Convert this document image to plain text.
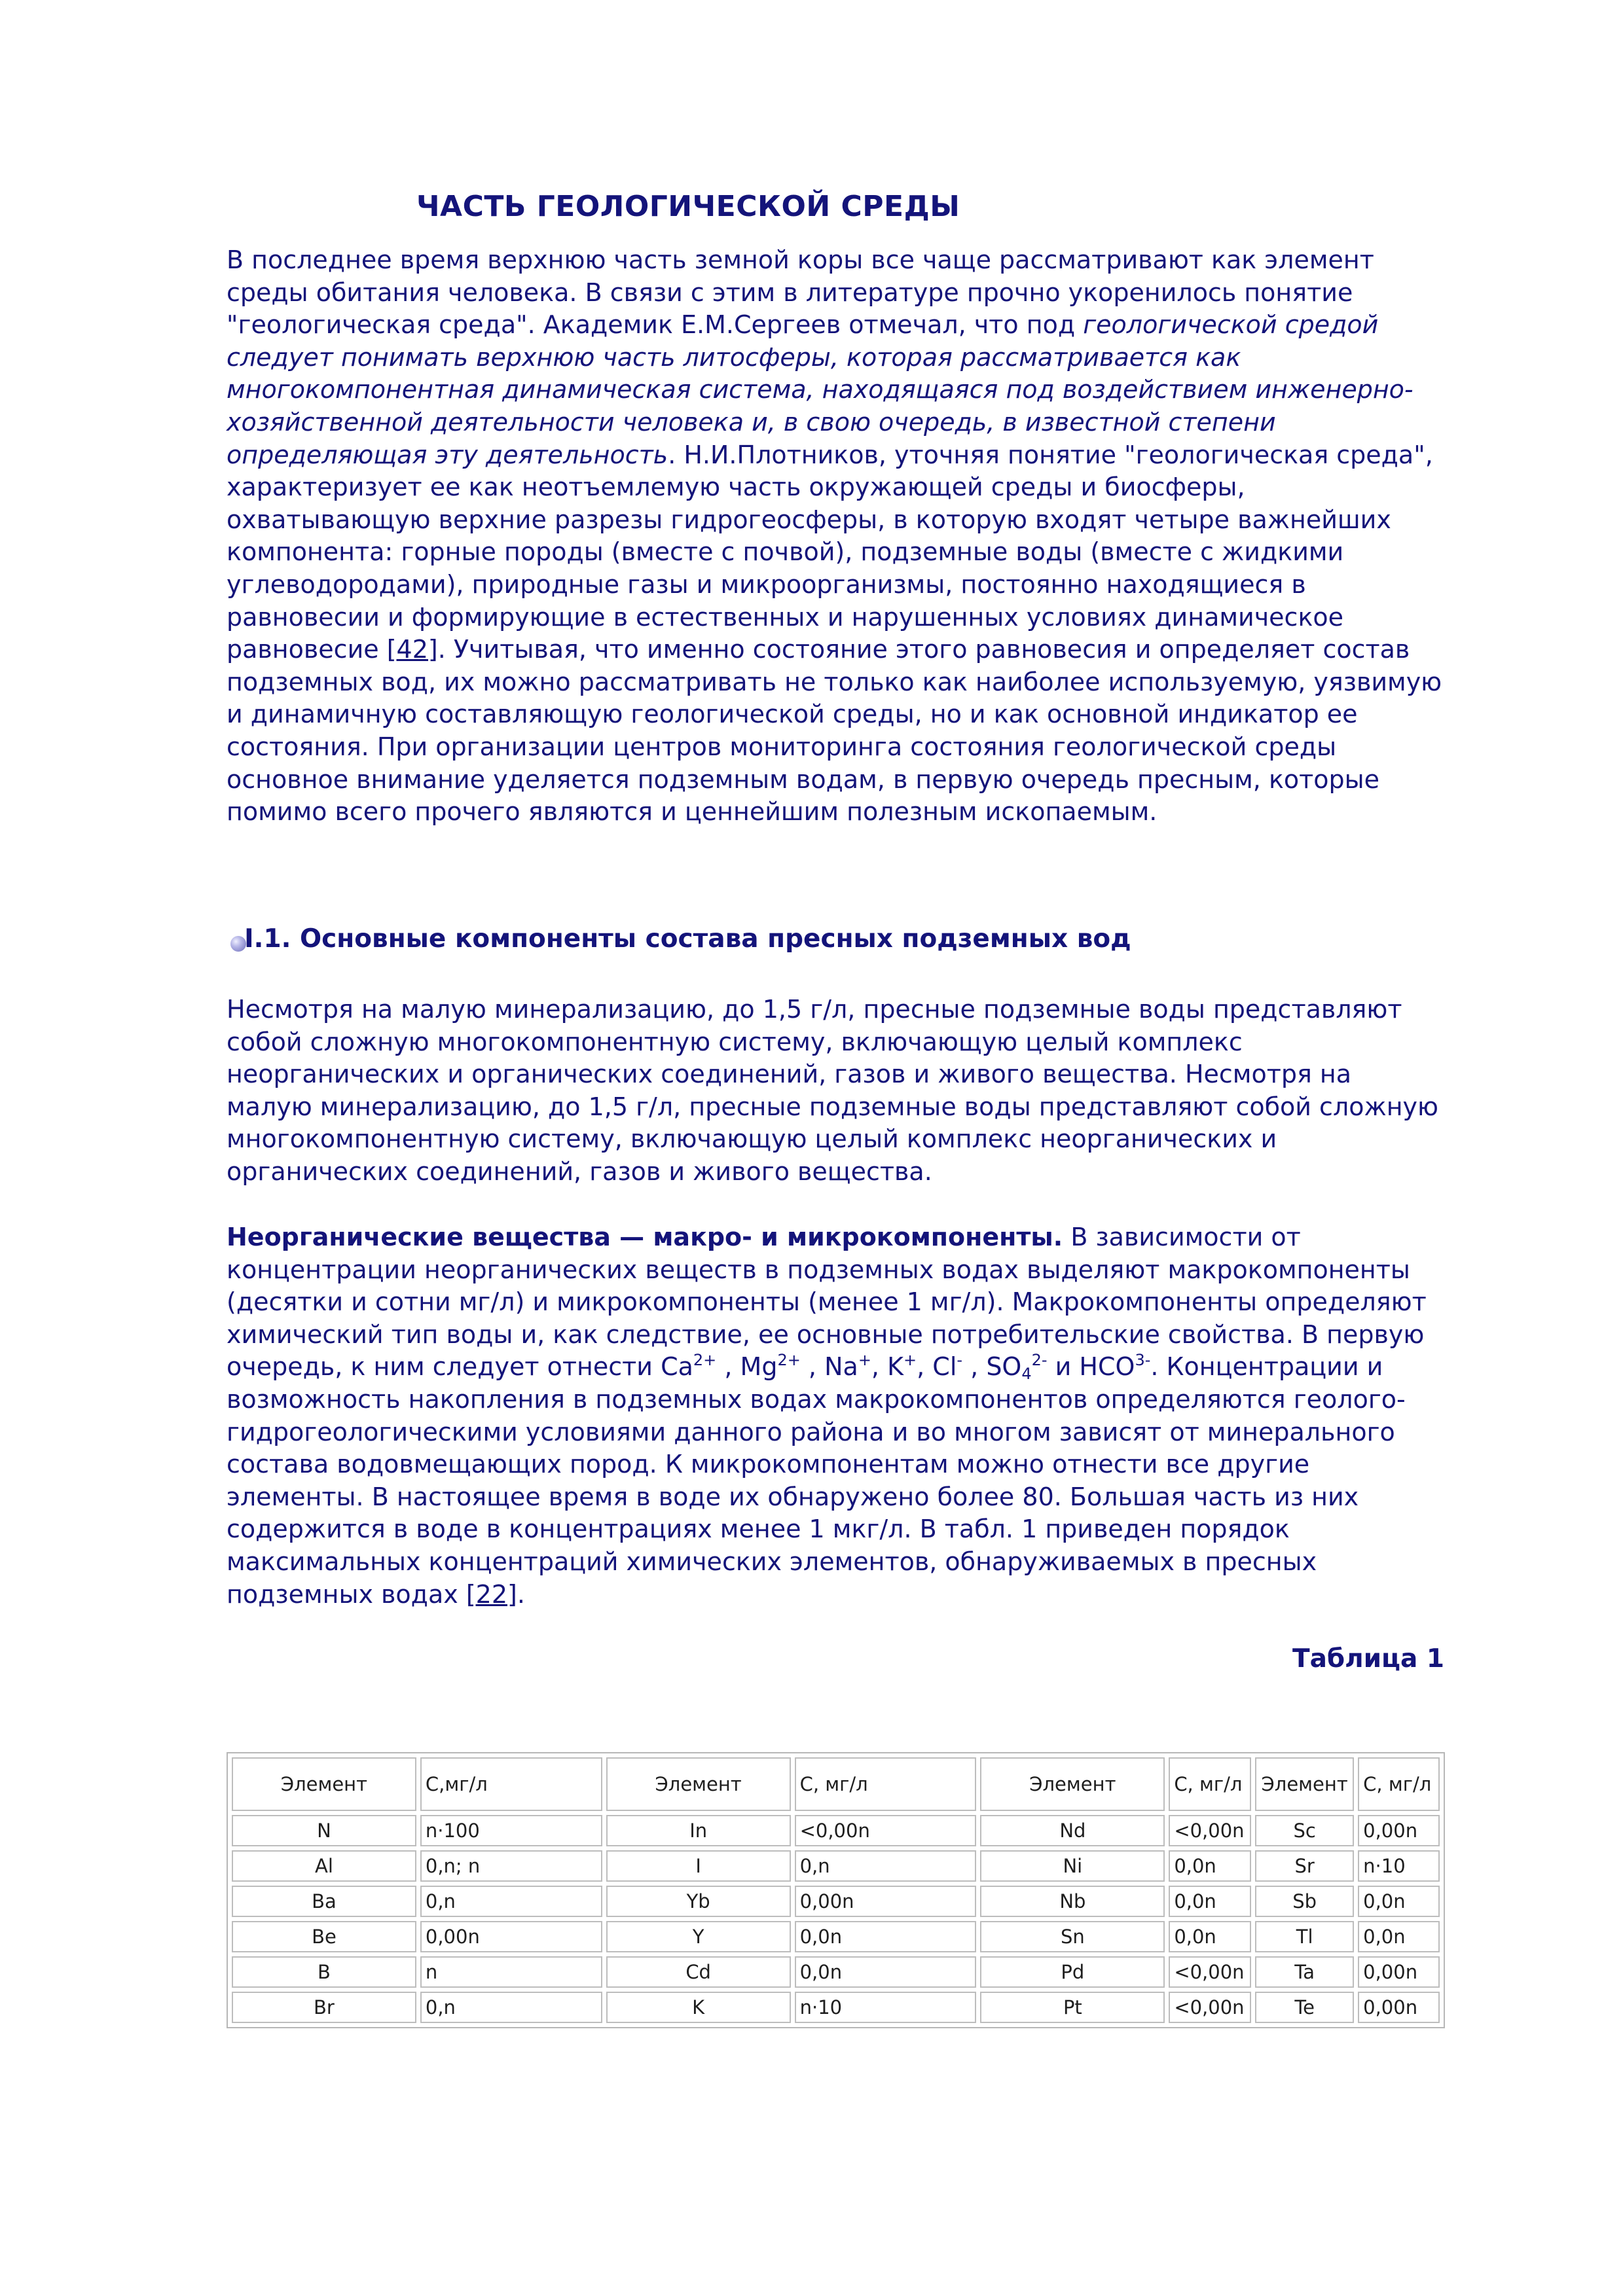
ЧАСТЬ ГЕОЛОГИЧЕСКОЙ СРЕДЫ

В последнее время верхнюю часть земной коры все чаще рассматривают как элемент среды обитания человека. В связи с этим в литературе прочно укоренилось понятие "геологическая среда". Академик Е.М.Сергеев отмечал, что под геологической средой следует понимать верхнюю часть литосферы, которая рассматривается как многокомпонентная динамическая система, находящаяся под воздействием инженерно-хозяйственной деятельности человека и, в свою очередь, в известной степени определяющая эту деятельность. Н.И.Плотников, уточняя понятие "геологическая среда", характеризует ее как неотъемлемую часть окружающей среды и биосферы, охватывающую верхние разрезы гидрогеосферы, в которую входят четыре важнейших компонента: горные породы (вместе с почвой), подземные воды (вместе с жидкими углеводородами), природные газы и микроорганизмы, постоянно находящиеся в равновесии и формирующие в естественных и нарушенных условиях динамическое равновесие [42]. Учитывая, что именно состояние этого равновесия и определяет состав подземных вод, их можно рассматривать не только как наиболее используемую, уязвимую и динамичную составляющую геологической среды, но и как основной индикатор ее состояния. При организации центров мониторинга состояния геологической среды основное внимание уделяется подземным водам, в первую очередь пресным, которые помимо всего прочего являются и ценнейшим полезным ископаемым.

I.1. Основные компоненты состава пресных подземных вод

Несмотря на малую минерализацию, до 1,5 г/л, пресные подземные воды представляют собой сложную многокомпонентную систему, включающую целый комплекс неорганических и органических соединений, газов и живого вещества. Несмотря на малую минерализацию, до 1,5 г/л, пресные подземные воды представляют собой сложную многокомпонентную систему, включающую целый комплекс неорганических и органических соединений, газов и живого вещества.

Неорганические вещества — макро- и микрокомпоненты. В зависимости от концентрации неорганических веществ в подземных водах выделяют макрокомпоненты (десятки и сотни мг/л) и микрокомпоненты (менее 1 мг/л). Макрокомпоненты определяют химический тип воды и, как следствие, ее основные потребительские свойства. В первую очередь, к ним следует отнести $Ca^{2+}$ , $Mg^{2+}$ , Na+, K+, Cl- , $SO_4^{2-}$ и $HCO^{3-}$. Концентрации и возможность накопления в подземных водах макрокомпонентов определяются геолого-гидрогеологическими условиями данного района и во многом зависят от минерального состава водовмещающих пород. К микрокомпонентам можно отнести все другие элементы. В настоящее время в воде их обнаружено более 80. Большая часть из них содержится в воде в концентрациях менее 1 мкг/л. В табл. 1 приведен порядок максимальных концентраций химических элементов, обнаруживаемых в пресных подземных водах [22].

Таблица 1

Элемент	С,мг/л	Элемент	С, мг/л	Элемент	С, мг/л	Элемент	С, мг/л
N	n·100	In	<0,00n	Nd	<0,00n	Sc	0,00n
Al	0,n; n	I	0,n	Ni	0,0n	Sr	n·10
Ba	0,n	Yb	0,00n	Nb	0,0n	Sb	0,0n
Be	0,00n	Y	0,0n	Sn	0,0n	Tl	0,0n
B	n	Cd	0,0n	Pd	<0,00n	Ta	0,00n
Br	0,n	K	n·10	Pt	<0,00n	Te	0,00n
